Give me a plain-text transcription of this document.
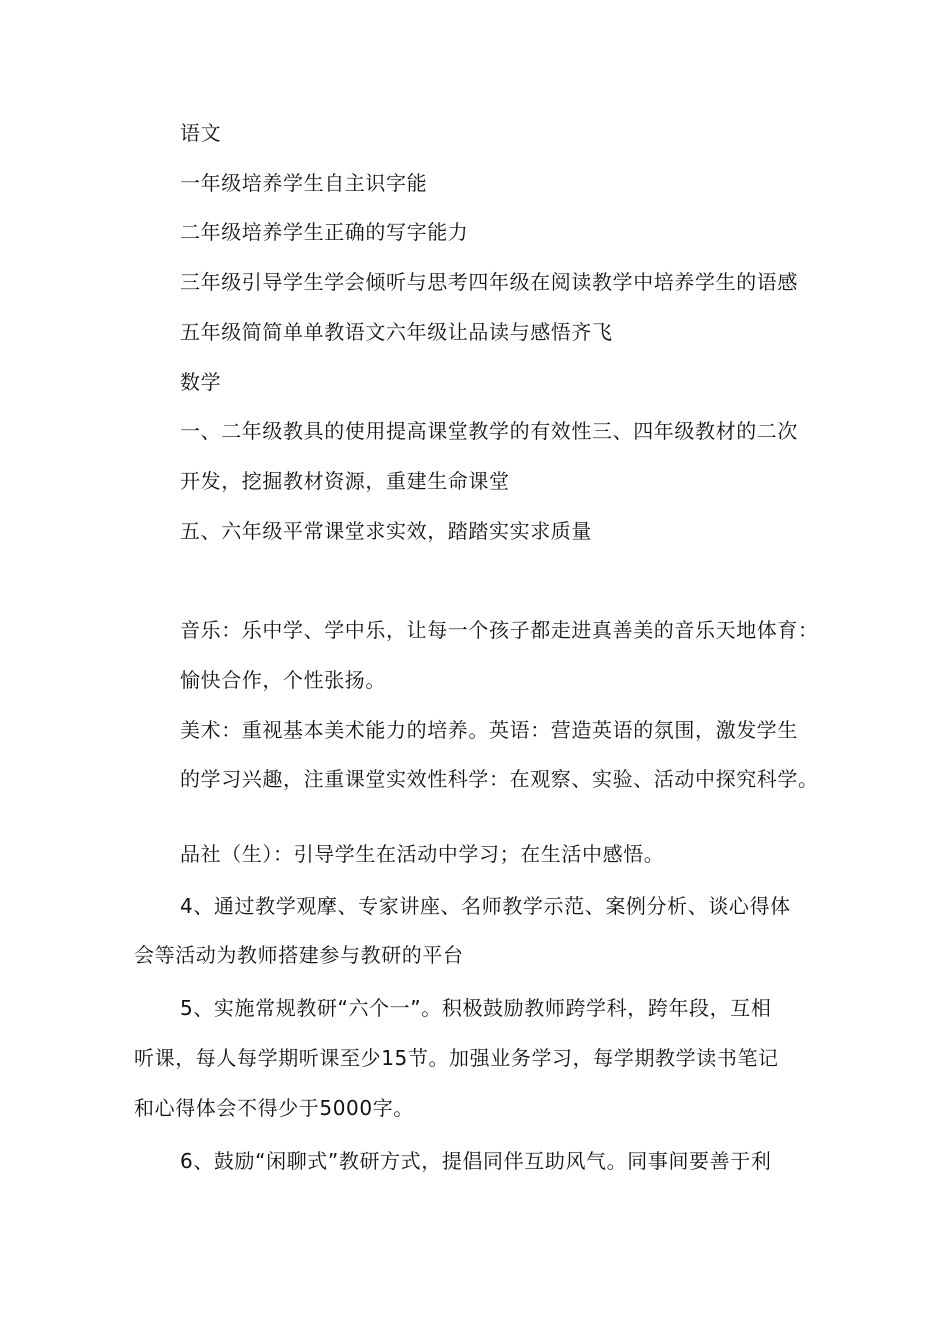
语文
一年级培养学生自主识字能
二年级培养学生正确的写字能力
三年级引导学生学会倾听与思考四年级在阅读教学中培养学生的语感
五年级简简单单教语文六年级让品读与感悟齐飞
数学
一、二年级教具的使用提高课堂教学的有效性三、四年级教材的二次
开发，挖掘教材资源，重建生命课堂
五、六年级平常课堂求实效，踏踏实实求质量
音乐：乐中学、学中乐，让每一个孩子都走进真善美的音乐天地体育：
愉快合作，个性张扬。
美术：重视基本美术能力的培养。英语：营造英语的氛围，激发学生
的学习兴趣，注重课堂实效性科学：在观察、实验、活动中探究科学。
品社（生）：引导学生在活动中学习；在生活中感悟。
4、通过教学观摩、专家讲座、名师教学示范、案例分析、谈心得体
会等活动为教师搭建参与教研的平台
5、实施常规教研“六个一”。积极鼓励教师跨学科，跨年段，互相
听课，每人每学期听课至少15节。加强业务学习，每学期教学读书笔记
和心得体会不得少于5000字。
6、鼓励“闲聊式”教研方式，提倡同伴互助风气。同事间要善于利
